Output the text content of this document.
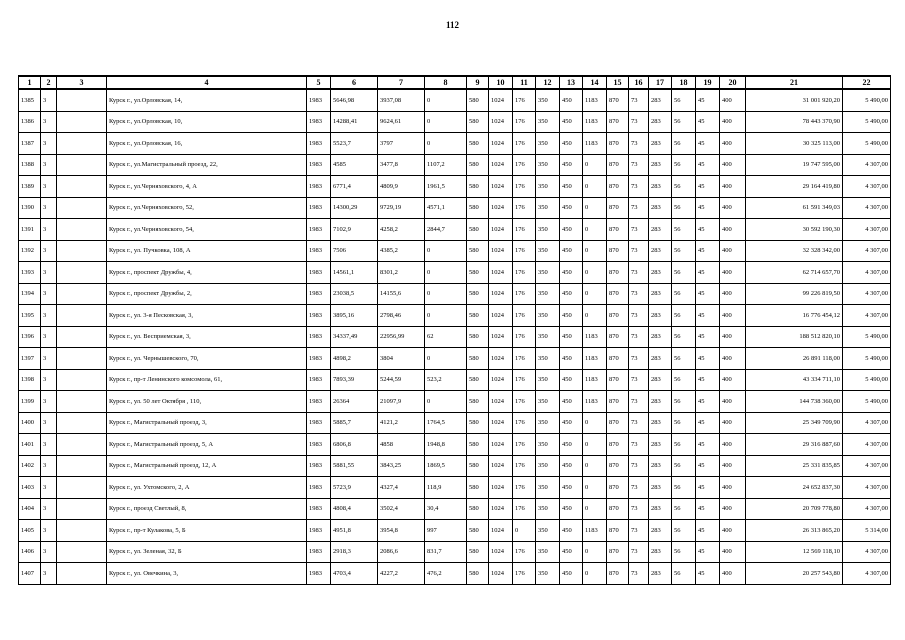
112
1	2	3	4	5	6	7	8	9	10	11	12	13	14	15	16	17	18	19	20	21	22
1385	3		Курск г., ул.Орловская, 14,	1983	5646,98	3937,08	0	580	1024	176	350	450	1183	870	73	283	56	45	400	31 001 920,20	5 490,00
1386	3		Курск г., ул.Орловская, 10,	1983	14288,41	9624,61	0	580	1024	176	350	450	1183	870	73	283	56	45	400	78 443 370,90	5 490,00
1387	3		Курск г., ул.Орловская, 16,	1983	5523,7	3797	0	580	1024	176	350	450	1183	870	73	283	56	45	400	30 325 113,00	5 490,00
1388	3		Курск г., ул.Магистральный проезд, 22,	1983	4585	3477,8	1107,2	580	1024	176	350	450	0	870	73	283	56	45	400	19 747 595,00	4 307,00
1389	3		Курск г., ул.Черняховского, 4, А	1983	6771,4	4809,9	1961,5	580	1024	176	350	450	0	870	73	283	56	45	400	29 164 419,80	4 307,00
1390	3		Курск г., ул.Черняховского, 52,	1983	14300,29	9729,19	4571,1	580	1024	176	350	450	0	870	73	283	56	45	400	61 591 349,03	4 307,00
1391	3		Курск г., ул.Черняховского, 54,	1983	7102,9	4258,2	2844,7	580	1024	176	350	450	0	870	73	283	56	45	400	30 592 190,30	4 307,00
1392	3		Курск г., ул. Пучковка, 108, А	1983	7506	4385,2	0	580	1024	176	350	450	0	870	73	283	56	45	400	32 328 342,00	4 307,00
1393	3		Курск г., проспект Дружбы, 4,	1983	14561,1	8301,2	0	580	1024	176	350	450	0	870	73	283	56	45	400	62 714 657,70	4 307,00
1394	3		Курск г., проспект Дружбы, 2,	1983	23038,5	14155,6	0	580	1024	176	350	450	0	870	73	283	56	45	400	99 226 819,50	4 307,00
1395	3		Курск г., ул. 3-я Песковская, 3,	1983	3895,16	2798,46	0	580	1024	176	350	450	0	870	73	283	56	45	400	16 776 454,12	4 307,00
1396	3		Курск г., ул. Весприемская, 3,	1983	34337,49	22956,99	62	580	1024	176	350	450	1183	870	73	283	56	45	400	188 512 820,10	5 490,00
1397	3		Курск г., ул. Чернышевского, 70,	1983	4898,2	3804	0	580	1024	176	350	450	1183	870	73	283	56	45	400	26 891 118,00	5 490,00
1398	3		Курск г., пр-т Ленинского комсомола, 61,	1983	7893,39	5244,59	523,2	580	1024	176	350	450	1183	870	73	283	56	45	400	43 334 711,10	5 490,00
1399	3		Курск г., ул. 50 лет Октября , 110,	1983	26364	21097,9	0	580	1024	176	350	450	1183	870	73	283	56	45	400	144 738 360,00	5 490,00
1400	3		Курск г., Магистральный проезд, 3,	1983	5885,7	4121,2	1764,5	580	1024	176	350	450	0	870	73	283	56	45	400	25 349 709,90	4 307,00
1401	3		Курск г., Магистральный проезд, 5, А	1983	6806,8	4858	1948,8	580	1024	176	350	450	0	870	73	283	56	45	400	29 316 887,60	4 307,00
1402	3		Курск г., Магистральный проезд, 12, А	1983	5881,55	3843,25	1869,5	580	1024	176	350	450	0	870	73	283	56	45	400	25 331 835,85	4 307,00
1403	3		Курск г., ул. Ухтомского, 2, А	1983	5723,9	4327,4	118,9	580	1024	176	350	450	0	870	73	283	56	45	400	24 652 837,30	4 307,00
1404	3		Курск г., проезд Светлый, 8,	1983	4808,4	3502,4	30,4	580	1024	176	350	450	0	870	73	283	56	45	400	20 709 778,80	4 307,00
1405	3		Курск г., пр-т Кулакова, 5, Б	1983	4951,8	3954,8	997	580	1024	0	350	450	1183	870	73	283	56	45	400	26 313 865,20	5 314,00
1406	3		Курск г., ул. Зеленая, 32, Б	1983	2918,3	2086,6	831,7	580	1024	176	350	450	0	870	73	283	56	45	400	12 569 118,10	4 307,00
1407	3		Курск г., ул. Овечкина, 3,	1983	4703,4	4227,2	476,2	580	1024	176	350	450	0	870	73	283	56	45	400	20 257 543,80	4 307,00
